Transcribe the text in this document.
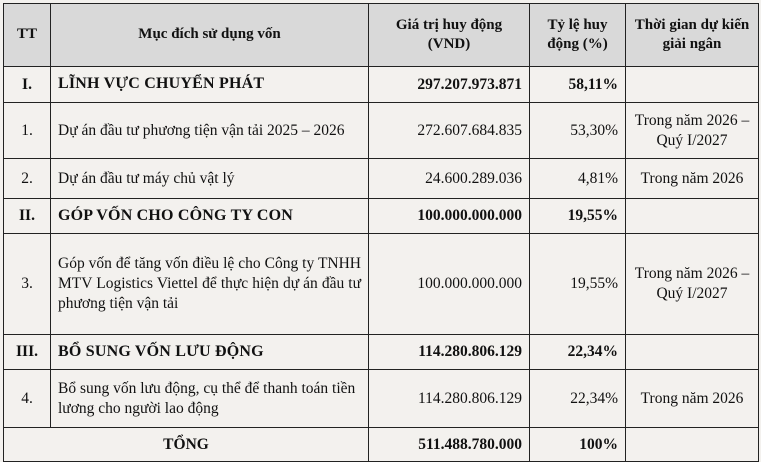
TT	Mục đích sử dụng vốn	Giá trị huy động (VND)	Tỷ lệ huy động (%)	Thời gian dự kiến giải ngân
I.	LĨNH VỰC CHUYỂN PHÁT	297.207.973.871	58,11%	
1.	Dự án đầu tư phương tiện vận tải 2025 – 2026	272.607.684.835	53,30%	Trong năm 2026 – Quý I/2027
2.	Dự án đầu tư máy chủ vật lý	24.600.289.036	4,81%	Trong năm 2026
II.	GÓP VỐN CHO CÔNG TY CON	100.000.000.000	19,55%	
3.	Góp vốn để tăng vốn điều lệ cho Công ty TNHH MTV Logistics Viettel để thực hiện dự án đầu tư phương tiện vận tải	100.000.000.000	19,55%	Trong năm 2026 – Quý I/2027
III.	BỔ SUNG VỐN LƯU ĐỘNG	114.280.806.129	22,34%	
4.	Bổ sung vốn lưu động, cụ thể để thanh toán tiền lương cho người lao động	114.280.806.129	22,34%	Trong năm 2026
TỔNG		511.488.780.000	100%	
